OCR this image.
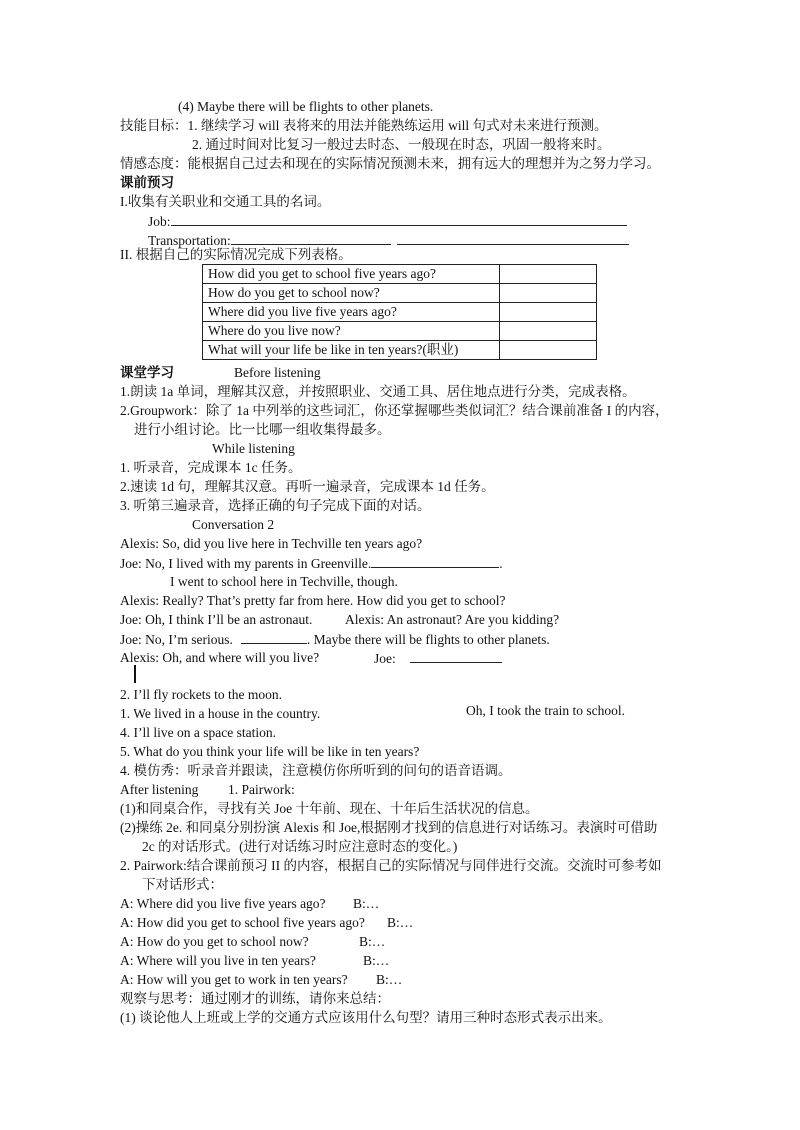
(4) Maybe there will be flights to other planets.
技能目标：1. 继续学习 will 表将来的用法并能熟练运用 will 句式对未来进行预测。
2. 通过时间对比复习一般过去时态、一般现在时态，巩固一般将来时。
情感态度：能根据自己过去和现在的实际情况预测未来，拥有远大的理想并为之努力学习。
课前预习
I.收集有关职业和交通工具的名词。
Job:
Transportation:
II. 根据自己的实际情况完成下列表格。
How did you get to school five years ago?	
How do you get to school now?	
Where did you live five years ago?	
Where do you live now?	
What will your life be like in ten years?(职业)	
课堂学习	Before listening
1.朗读 1a 单词，理解其汉意，并按照职业、交通工具、居住地点进行分类，完成表格。
2.Groupwork：除了 1a 中列举的这些词汇，你还掌握哪些类似词汇？结合课前准备 I 的内容，
进行小组讨论。比一比哪一组收集得最多。
While listening
1. 听录音，完成课本 1c 任务。
2.速读 1d 句，理解其汉意。再听一遍录音，完成课本 1d 任务。
3. 听第三遍录音，选择正确的句子完成下面的对话。
Conversation 2
Alexis: So, did you live here in Techville ten years ago?
Joe: No, I lived with my parents in Greenville.	.
I went to school here in Techville, though.
Alexis: Really? That’s pretty far from here. How did you get to school?
Joe: Oh, I think I’ll be an astronaut. Alexis: An astronaut? Are you kidding?
Joe: No, I’m serious.	. Maybe there will be flights to other planets.
Alexis: Oh, and where will you live?	Joe:
2. I’ll fly rockets to the moon.
1. We lived in a house in the country.	Oh, I took the train to school.
4. I’ll live on a space station.
5. What do you think your life will be like in ten years?
4. 模仿秀：听录音并跟读，注意模仿你所听到的问句的语音语调。
After listening 1. Pairwork:
(1)和同桌合作，寻找有关 Joe 十年前、现在、十年后生活状况的信息。
(2)操练 2e. 和同桌分别扮演 Alexis 和 Joe,根据刚才找到的信息进行对话练习。表演时可借助
2c 的对话形式。(进行对话练习时应注意时态的变化。)
2. Pairwork:结合课前预习 II 的内容，根据自己的实际情况与同伴进行交流。交流时可参考如
下对话形式：
A: Where did you live five years ago? B:…
A: How did you get to school five years ago? B:…
A: How do you get to school now?	B:…
A: Where will you live in ten years?	B:…
A: How will you get to work in ten years? B:…
观察与思考：通过刚才的训练，请你来总结：
(1) 谈论他人上班或上学的交通方式应该用什么句型？请用三种时态形式表示出来。
